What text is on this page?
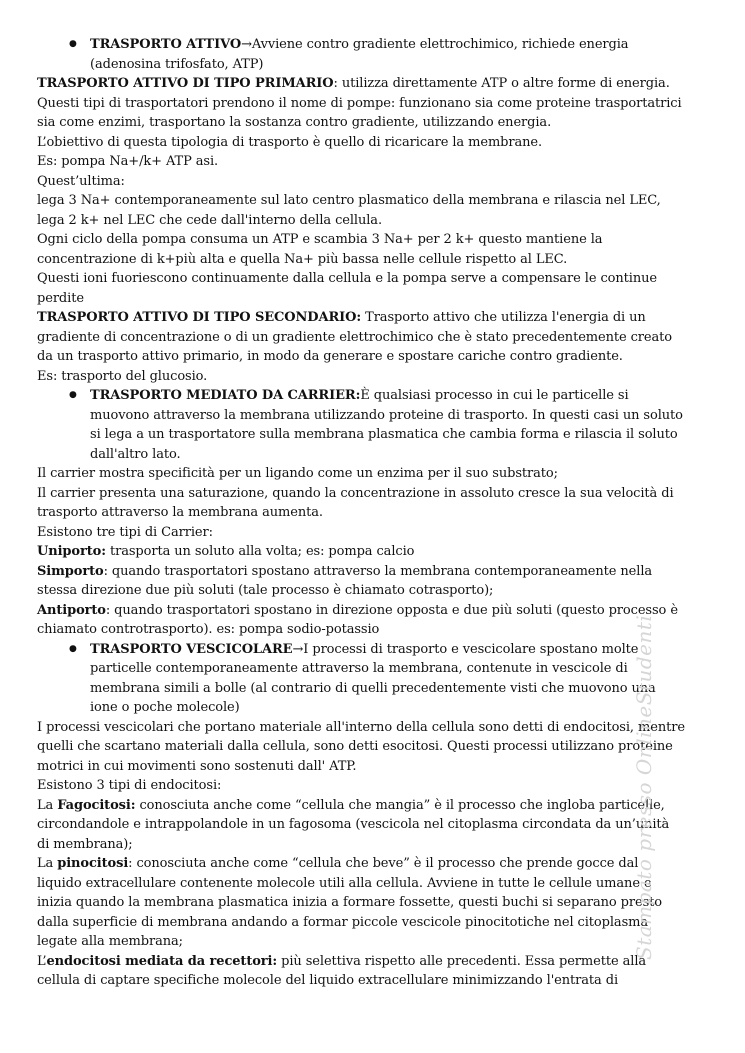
● TRASPORTO ATTIVO→Avviene contro gradiente elettrochimico, richiede energia (adenosina trifosfato, ATP)

TRASPORTO ATTIVO DI TIPO PRIMARIO: utilizza direttamente ATP o altre forme di energia.

Questi tipi di trasportatori prendono il nome di pompe: funzionano sia come proteine trasportatrici sia come enzimi, trasportano la sostanza contro gradiente, utilizzando energia.

L’obiettivo di questa tipologia di trasporto è quello di ricaricare la membrane.

Es: pompa Na+/k+ ATP asi.

Quest’ultima:

lega 3 Na+ contemporaneamente sul lato centro plasmatico della membrana e rilascia nel LEC, lega 2 k+ nel LEC che cede dall'interno della cellula.

Ogni ciclo della pompa consuma un ATP e scambia 3 Na+ per 2 k+ questo mantiene la concentrazione di k+più alta e quella Na+ più bassa nelle cellule rispetto al LEC.

Questi ioni fuoriescono continuamente dalla cellula e la pompa serve a compensare le continue perdite

TRASPORTO ATTIVO DI TIPO SECONDARIO: Trasporto attivo che utilizza l'energia di un gradiente di concentrazione o di un gradiente elettrochimico che è stato precedentemente creato da un trasporto attivo primario, in modo da generare e spostare cariche contro gradiente.

Es: trasporto del glucosio.

● TRASPORTO MEDIATO DA CARRIER:È qualsiasi processo in cui le particelle si muovono attraverso la membrana utilizzando proteine di trasporto. In questi casi un soluto si lega a un trasportatore sulla membrana plasmatica che cambia forma e rilascia il soluto dall'altro lato.

Il carrier mostra specificità per un ligando come un enzima per il suo substrato;

Il carrier presenta una saturazione, quando la concentrazione in assoluto cresce la sua velocità di trasporto attraverso la membrana aumenta.

Esistono tre tipi di Carrier:

Uniporto: trasporta un soluto alla volta; es: pompa calcio

Simporto: quando trasportatori spostano attraverso la membrana contemporaneamente nella stessa direzione due più soluti (tale processo è chiamato cotrasporto);

Antiporto: quando trasportatori spostano in direzione opposta e due più soluti (questo processo è chiamato controtrasporto). es: pompa sodio-potassio

● TRASPORTO VESCICOLARE→I processi di trasporto e vescicolare spostano molte particelle contemporaneamente attraverso la membrana, contenute in vescicole di membrana simili a bolle (al contrario di quelli precedentemente visti che muovono una ione o poche molecole)

I processi vescicolari che portano materiale all'interno della cellula sono detti di endocitosi, mentre quelli che scartano materiali dalla cellula, sono detti esocitosi. Questi processi utilizzano proteine motrici in cui movimenti sono sostenuti dall' ATP.

Esistono 3 tipi di endocitosi:

La Fagocitosi: conosciuta anche come “cellula che mangia” è il processo che ingloba particelle, circondandole e intrappolandole in un fagosoma (vescicola nel citoplasma circondata da un’unità di membrana);

La pinocitosi: conosciuta anche come “cellula che beve” è il processo che prende gocce dal liquido extracellulare contenente molecole utili alla cellula. Avviene in tutte le cellule umane e inizia quando la membrana plasmatica inizia a formare fossette, questi buchi si separano presto dalla superficie di membrana andando a formar piccole vescicole pinocitotiche nel citoplasma legate alla membrana;

L’endocitosi mediata da recettori: più selettiva rispetto alle precedenti. Essa permette alla cellula di captare specifiche molecole del liquido extracellulare minimizzando l'entrata di

Stampato presso OnlineStudenti
